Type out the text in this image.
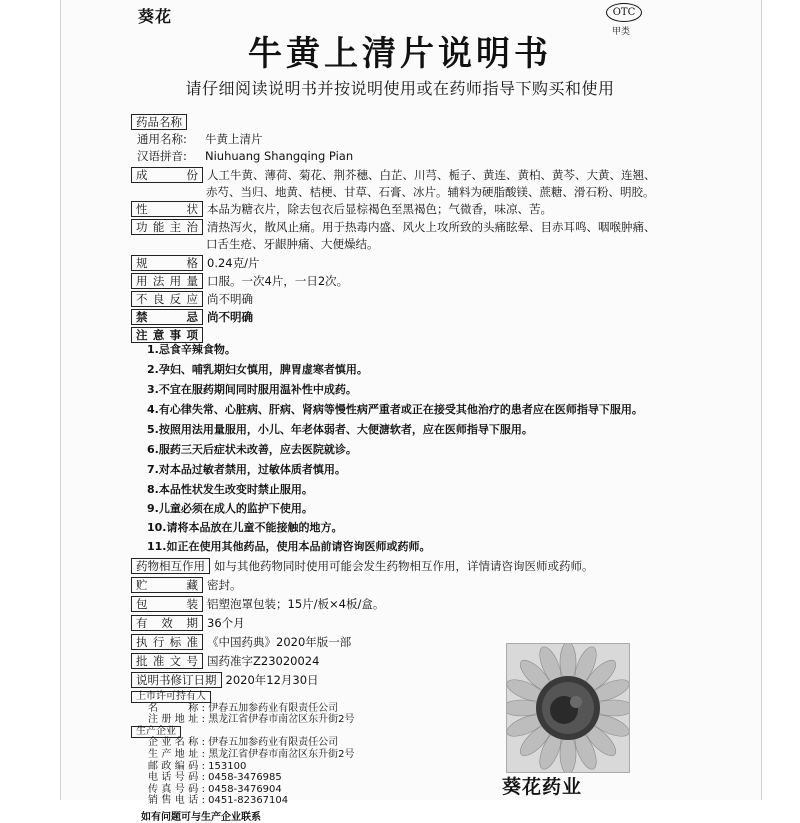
葵花	OTC
甲类
牛黄上清片说明书
请仔细阅读说明书并按说明使用或在药师指导下购买和使用
药品名称
通用名称: 牛黄上清片
汉语拼音: Niuhuang Shangqing Pian
成　　份 人工牛黄、薄荷、菊花、荆芥穗、白芷、川芎、栀子、黄连、黄柏、黄芩、大黄、连翘、
赤芍、当归、地黄、桔梗、甘草、石膏、冰片。辅料为硬脂酸镁、蔗糖、滑石粉、明胶。
性　　状 本品为糖衣片，除去包衣后显棕褐色至黑褐色；气微香，味凉、苦。
功能主治 清热泻火，散风止痛。用于热毒内盛、风火上攻所致的头痛眩晕、目赤耳鸣、咽喉肿痛、
口舌生疮、牙龈肿痛、大便燥结。
规　　格 0.24克/片
用法用量 口服。一次4片，一日2次。
不良反应 尚不明确
禁　　忌 尚不明确
注意事项
1.忌食辛辣食物。
2.孕妇、哺乳期妇女慎用，脾胃虚寒者慎用。
3.不宜在服药期间同时服用温补性中成药。
4.有心律失常、心脏病、肝病、肾病等慢性病严重者或正在接受其他治疗的患者应在医师指导下服用。
5.按照用法用量服用，小儿、年老体弱者、大便溏软者，应在医师指导下服用。
6.服药三天后症状未改善，应去医院就诊。
7.对本品过敏者禁用，过敏体质者慎用。
8.本品性状发生改变时禁止服用。
9.儿童必须在成人的监护下使用。
10.请将本品放在儿童不能接触的地方。
11.如正在使用其他药品，使用本品前请咨询医师或药师。
药物相互作用 如与其他药物同时使用可能会发生药物相互作用，详情请咨询医师或药师。
贮　　藏 密封。
包　　装 铝塑泡罩包装；15片/板×4板/盒。
有 效 期 36个月
执行标准 《中国药典》2020年版一部
批准文号 国药准字Z23020024
说明书修订日期 2020年12月30日
上市许可持有人
名　　称: 伊春五加参药业有限责任公司
注册地址: 黑龙江省伊春市南岔区东升街2号
生产企业
企业名称: 伊春五加参药业有限责任公司
生产地址: 黑龙江省伊春市南岔区东升街2号
葵花药业
邮政编码: 153100
电话号码: 0458-3476985
传真号码: 0458-3476904
销售电话: 0451-82367104
如有问题可与生产企业联系
